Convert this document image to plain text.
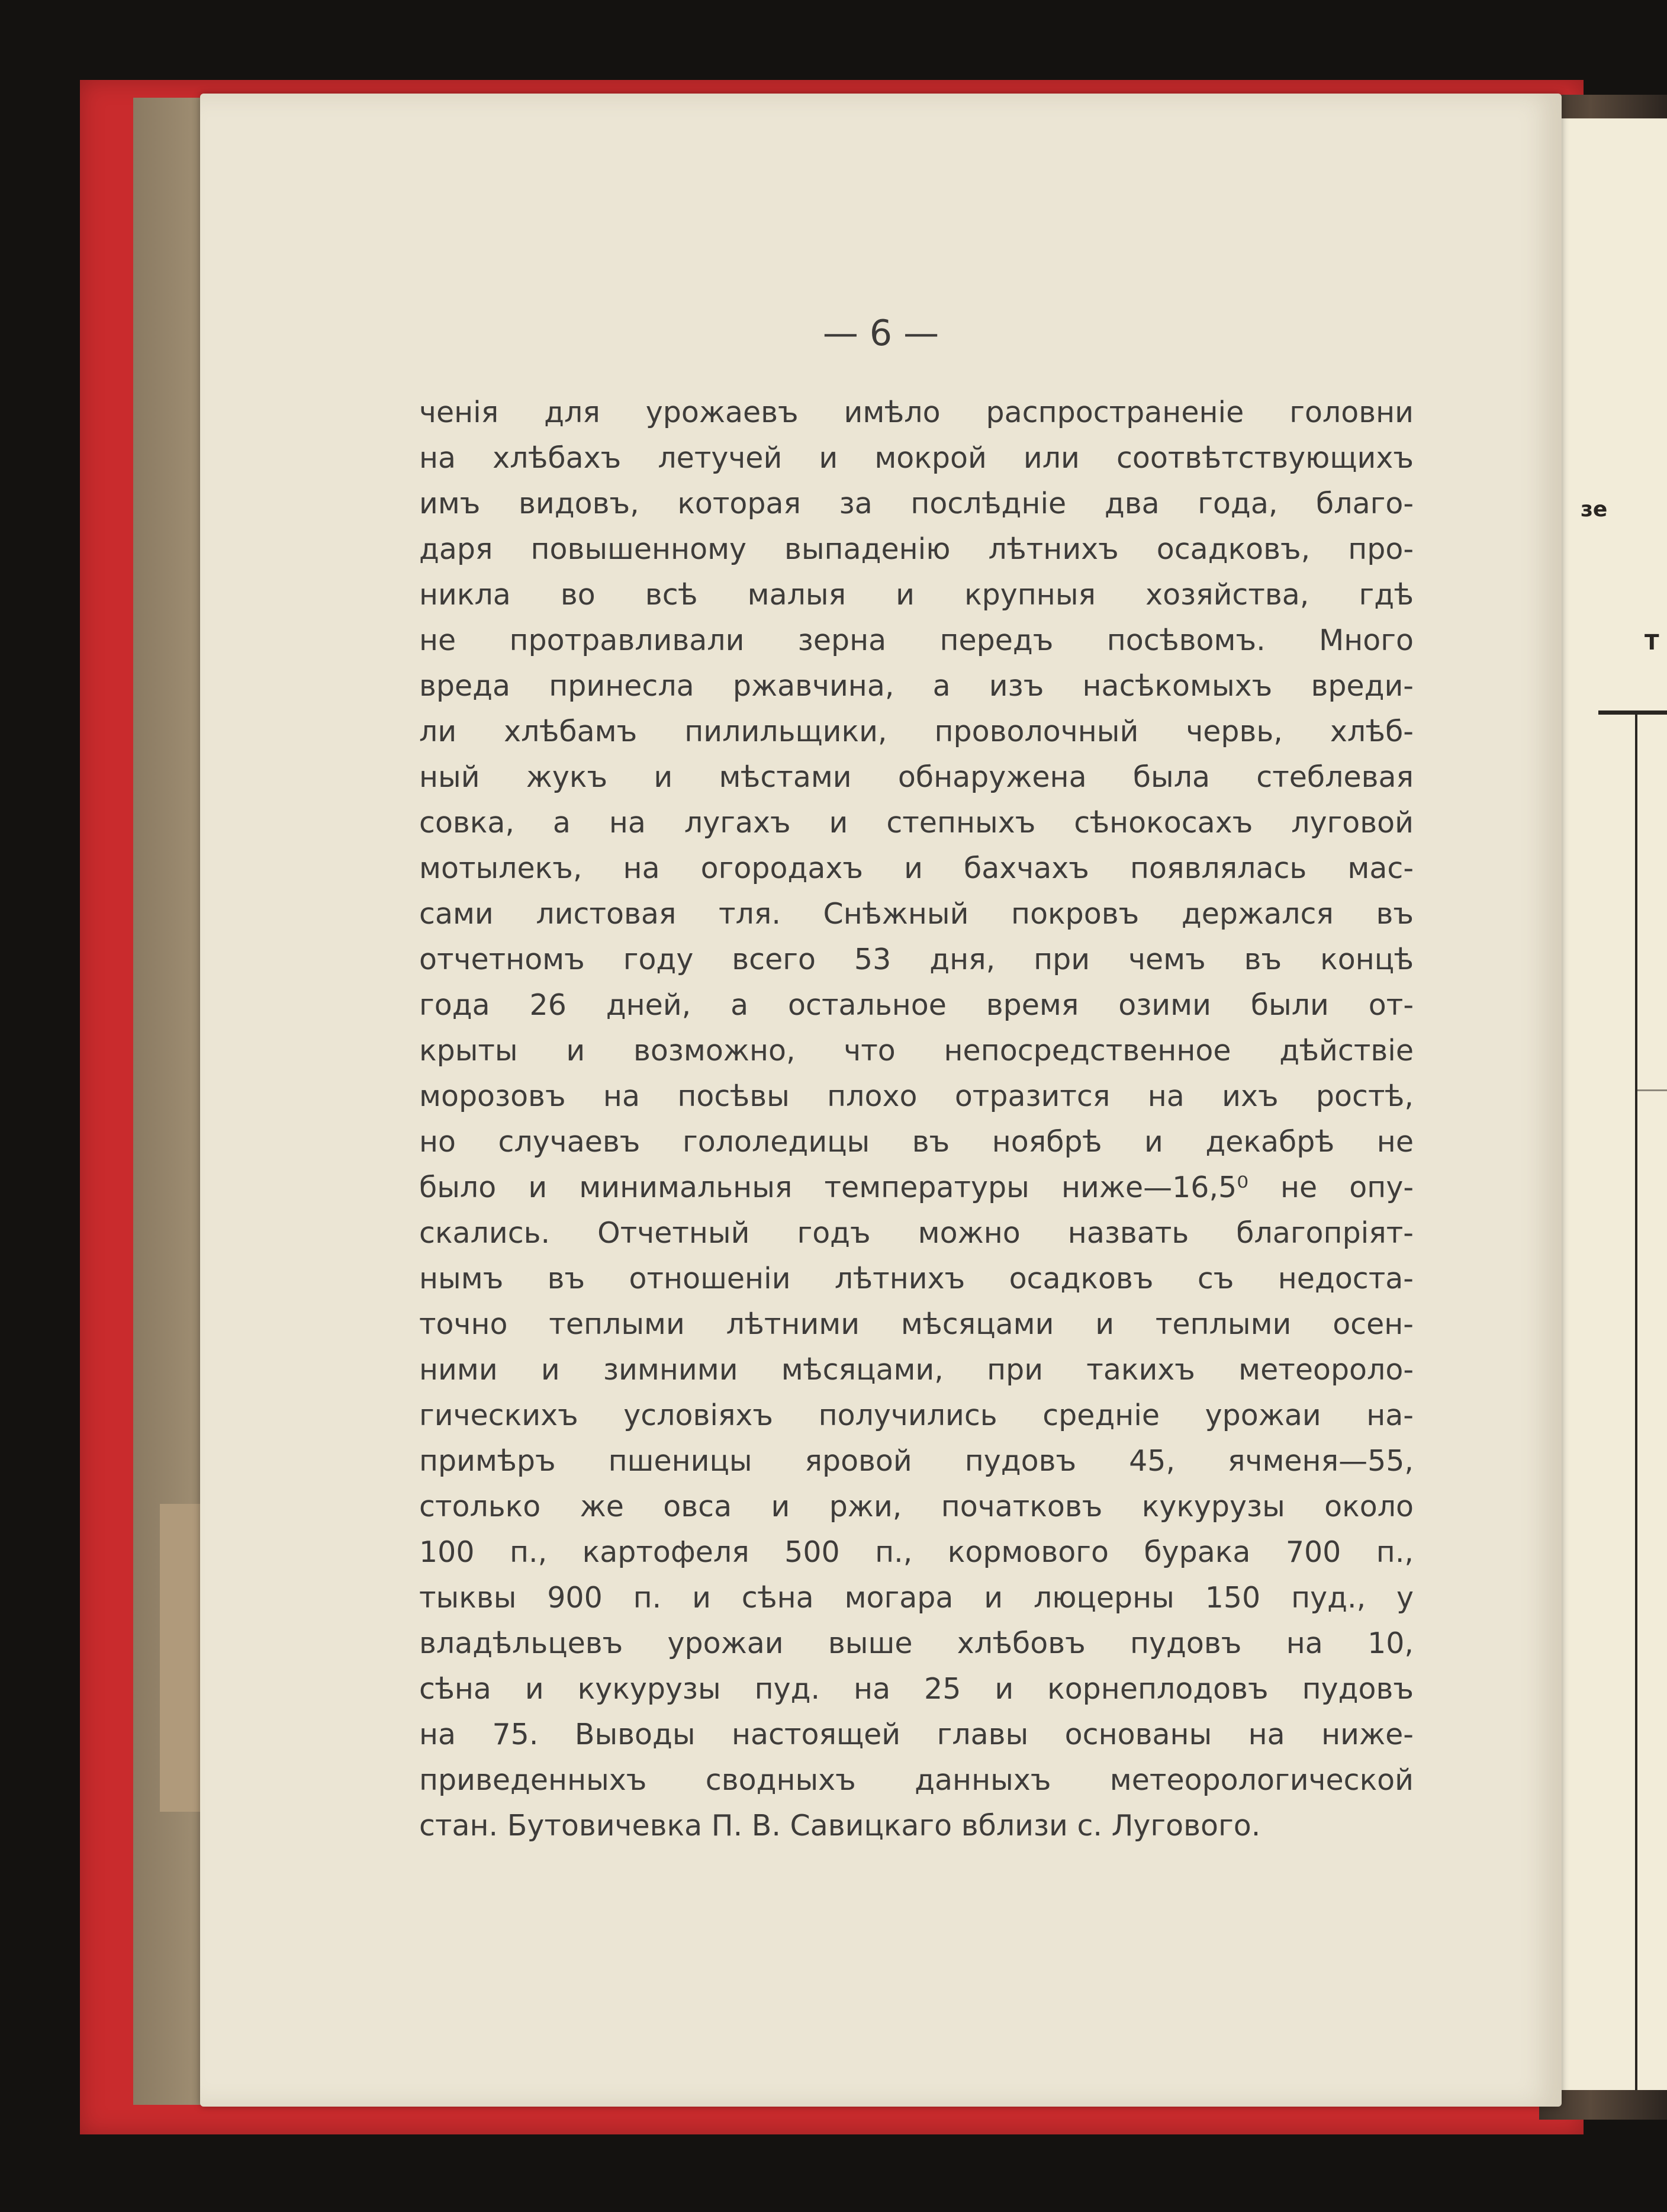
зе
Т
— 6 —
ченія для урожаевъ имѣло распространеніе головни
на хлѣбахъ летучей и мокрой или соотвѣтствующихъ
имъ видовъ, которая за послѣдніе два года, благо-
даря повышенному выпаденію лѣтнихъ осадковъ, про-
никла во всѣ малыя и крупныя хозяйства, гдѣ
не протравливали зерна передъ посѣвомъ. Много
вреда принесла ржавчина, а изъ насѣкомыхъ вреди-
ли хлѣбамъ пилильщики, проволочный червь, хлѣб-
ный жукъ и мѣстами обнаружена была стеблевая
совка, а на лугахъ и степныхъ сѣнокосахъ луговой
мотылекъ, на огородахъ и бахчахъ появлялась мас-
сами листовая тля. Снѣжный покровъ держался въ
отчетномъ году всего 53 дня, при чемъ въ концѣ
года 26 дней, а остальное время озими были от-
крыты и возможно, что непосредственное дѣйствіе
морозовъ на посѣвы плохо отразится на ихъ ростѣ,
но случаевъ гололедицы въ ноябрѣ и декабрѣ не
было и минимальныя температуры ниже—16,5⁰ не опу-
скались. Отчетный годъ можно назвать благопріят-
нымъ въ отношеніи лѣтнихъ осадковъ съ недоста-
точно теплыми лѣтними мѣсяцами и теплыми осен-
ними и зимними мѣсяцами, при такихъ метеороло-
гическихъ условіяхъ получились средніе урожаи на-
примѣръ пшеницы яровой пудовъ 45, ячменя—55,
столько же овса и ржи, початковъ кукурузы около
100 п., картофеля 500 п., кормового бурака 700 п.,
тыквы 900 п. и сѣна могара и люцерны 150 пуд., у
владѣльцевъ урожаи выше хлѣбовъ пудовъ на 10,
сѣна и кукурузы пуд. на 25 и корнеплодовъ пудовъ
на 75. Выводы настоящей главы основаны на ниже-
приведенныхъ сводныхъ данныхъ метеорологической
стан. Бутовичевка П. В. Савицкаго вблизи с. Лугового.
